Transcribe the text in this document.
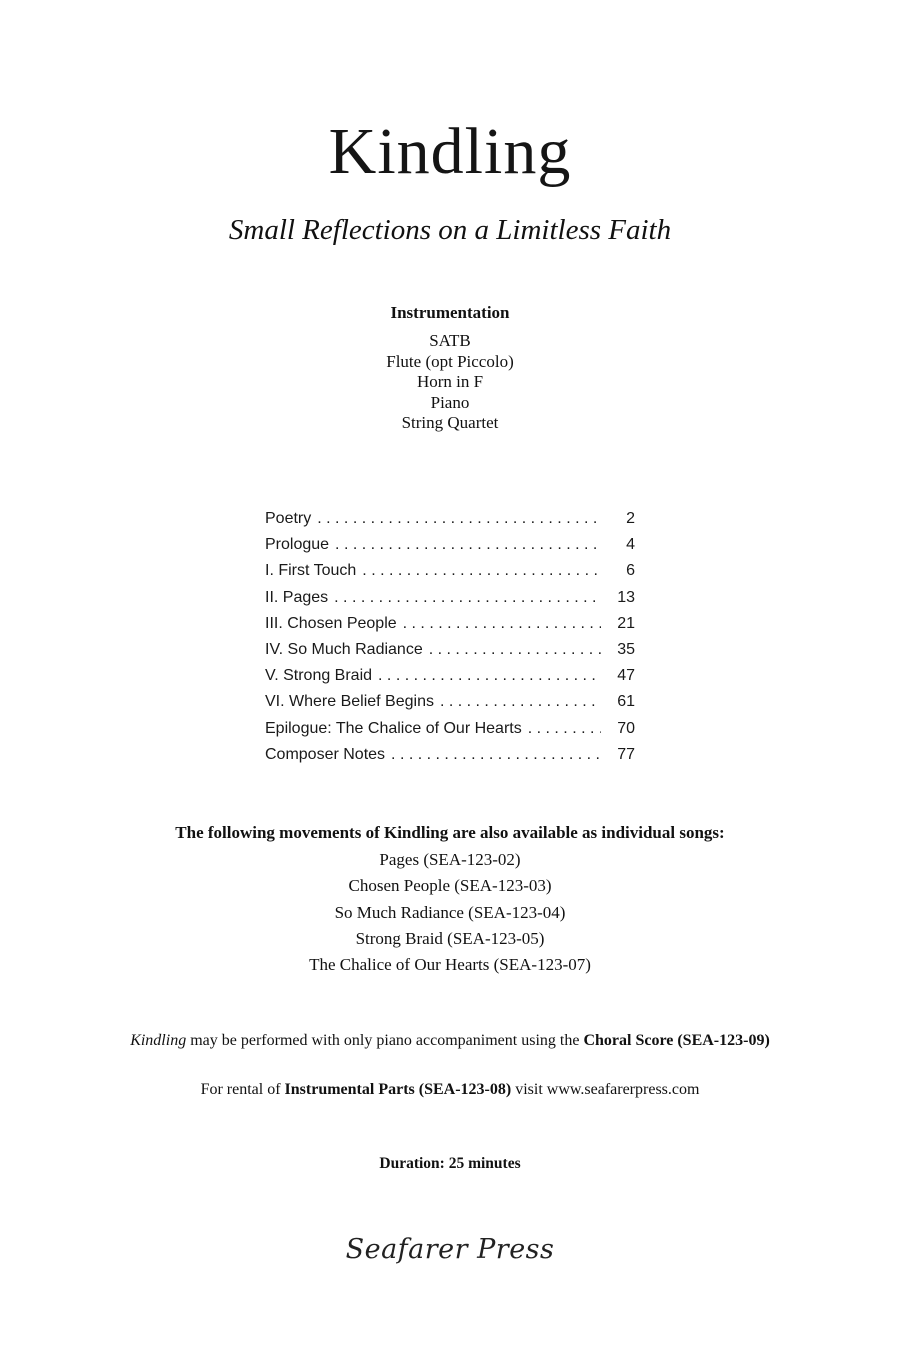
Kindling
Small Reflections on a Limitless Faith
Instrumentation
SATB
Flute (opt Piccolo)
Horn in F
Piano
String Quartet
Poetry . . .	2
Prologue . . .	4
I. First Touch . . .	6
II. Pages . . .	13
III. Chosen People . . .	21
IV. So Much Radiance . . .	35
V. Strong Braid . . .	47
VI. Where Belief Begins . . .	61
Epilogue: The Chalice of Our Hearts . . .	70
Composer Notes . . .	77
The following movements of Kindling are also available as individual songs:
Pages (SEA-123-02)
Chosen People (SEA-123-03)
So Much Radiance (SEA-123-04)
Strong Braid (SEA-123-05)
The Chalice of Our Hearts (SEA-123-07)
Kindling may be performed with only piano accompaniment using the Choral Score (SEA-123-09)
For rental of Instrumental Parts (SEA-123-08) visit www.seafarerpress.com
Duration: 25 minutes
Seafarer Press
